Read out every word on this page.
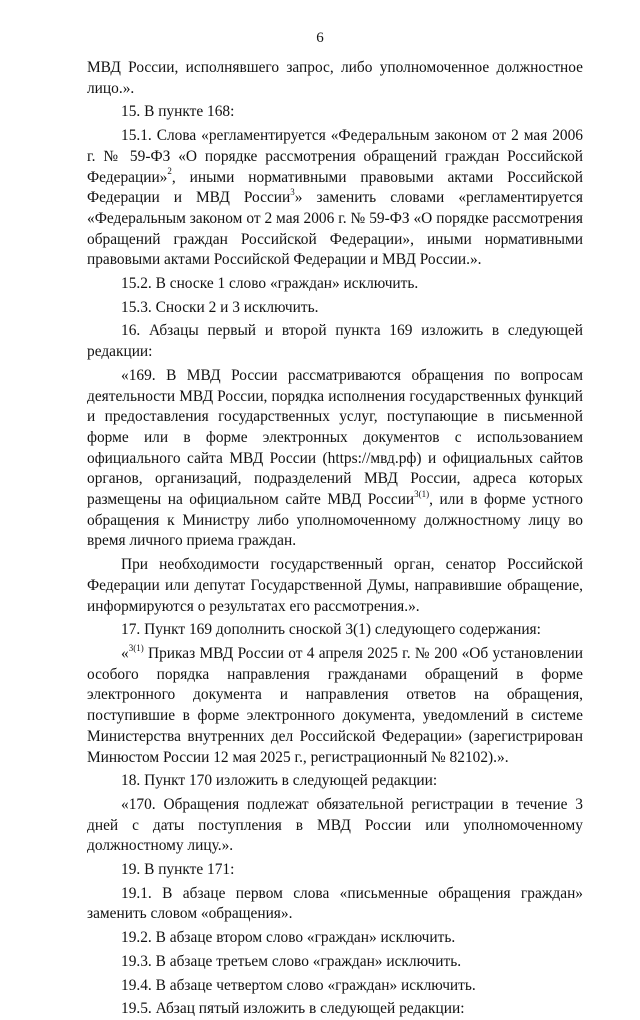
6

МВД России, исполнявшего запрос, либо уполномоченное должностное лицо.».

15. В пункте 168:

15.1. Слова «регламентируется «Федеральным законом от 2 мая 2006 г. № 59-ФЗ «О порядке рассмотрения обращений граждан Российской Федерации»$^2$, иными нормативными правовыми актами Российской Федерации и МВД России$^3$» заменить словами «регламентируется «Федеральным законом от 2 мая 2006 г. № 59-ФЗ «О порядке рассмотрения обращений граждан Российской Федерации», иными нормативными правовыми актами Российской Федерации и МВД России.».

15.2. В сноске 1 слово «граждан» исключить.

15.3. Сноски 2 и 3 исключить.

16. Абзацы первый и второй пункта 169 изложить в следующей редакции:

«169. В МВД России рассматриваются обращения по вопросам деятельности МВД России, порядка исполнения государственных функций и предоставления государственных услуг, поступающие в письменной форме или в форме электронных документов с использованием официального сайта МВД России (https://мвд.рф) и официальных сайтов органов, организаций, подразделений МВД России, адреса которых размещены на официальном сайте МВД России$^{3(1)}$, или в форме устного обращения к Министру либо уполномоченному должностному лицу во время личного приема граждан.

При необходимости государственный орган, сенатор Российской Федерации или депутат Государственной Думы, направившие обращение, информируются о результатах его рассмотрения.».

17. Пункт 169 дополнить сноской 3(1) следующего содержания:

«$^{3(1)}$ Приказ МВД России от 4 апреля 2025 г. № 200 «Об установлении особого порядка направления гражданами обращений в форме электронного документа и направления ответов на обращения, поступившие в форме электронного документа, уведомлений в системе Министерства внутренних дел Российской Федерации» (зарегистрирован Минюстом России 12 мая 2025 г., регистрационный № 82102).».

18. Пункт 170 изложить в следующей редакции:

«170. Обращения подлежат обязательной регистрации в течение 3 дней с даты поступления в МВД России или уполномоченному должностному лицу.».

19. В пункте 171:

19.1. В абзаце первом слова «письменные обращения граждан» заменить словом «обращения».

19.2. В абзаце втором слово «граждан» исключить.

19.3. В абзаце третьем слово «граждан» исключить.

19.4. В абзаце четвертом слово «граждан» исключить.

19.5. Абзац пятый изложить в следующей редакции:
